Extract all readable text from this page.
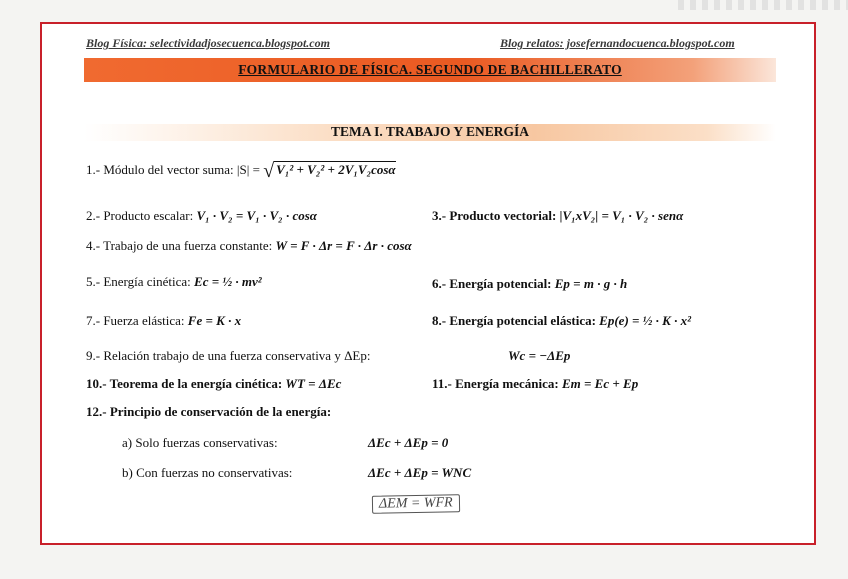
Blog Física: selectividadjosecuenca.blogspot.com	Blog relatos: josefernandocuenca.blogspot.com
FORMULARIO DE FÍSICA. SEGUNDO DE BACHILLERATO
TEMA I. TRABAJO Y ENERGÍA
1.- Módulo del vector suma: |S| = √ V₁² + V₂² + 2V₁V₂cosα
2.- Producto escalar: V₁ · V₂ = V₁ · V₂ · cosα	3.- Producto vectorial: |V₁xV₂| = V₁ · V₂ · senα
4.- Trabajo de una fuerza constante: W = F · Δr = F · Δr · cosα
5.- Energía cinética: Ec = ½ · mv²	6.- Energía potencial: Ep = m · g · h
7.- Fuerza elástica: Fe = K · x	8.- Energía potencial elástica: Ep(e) = ½ · K · x²
9.- Relación trabajo de una fuerza conservativa y ΔEp:	Wc = −ΔEp
10.- Teorema de la energía cinética: WT = ΔEc	11.- Energía mecánica: Em = Ec + Ep
12.- Principio de conservación de la energía:
a) Solo fuerzas conservativas:	ΔEc + ΔEp = 0
b) Con fuerzas no conservativas:	ΔEc + ΔEp = WNC
ΔEM = WFR
